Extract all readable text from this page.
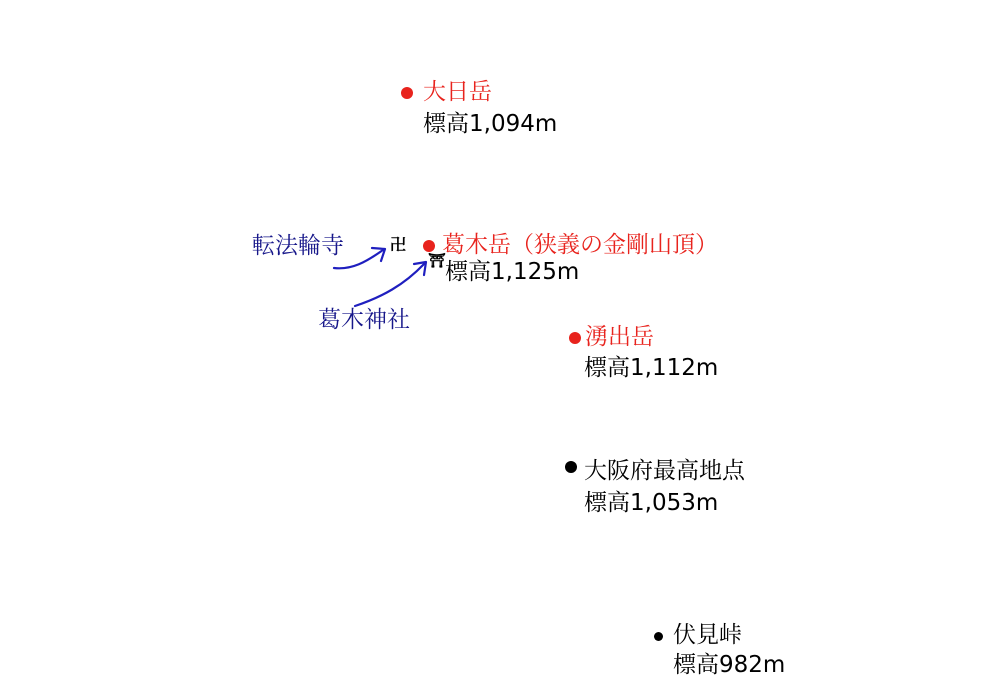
大日岳
標高1,094m
転法輪寺	卍 葛木岳（狭義の金剛山頂）
⛩ 標高1,125m
葛木神社
湧出岳
標高1,112m
大阪府最高地点
標高1,053m
伏見峠
標高982m
